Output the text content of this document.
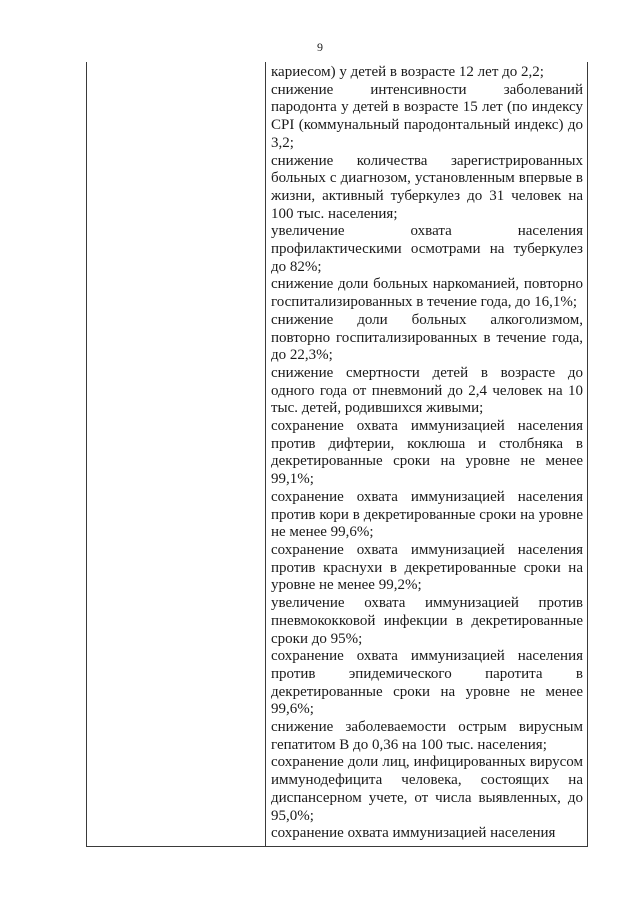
9

кариесом) у детей в возрасте 12 лет до 2,2;

снижение интенсивности заболеваний пародонта у детей в возрасте 15 лет (по индексу CPI (коммунальный пародонтальный индекс) до 3,2;

снижение количества зарегистрированных больных с диагнозом, установленным впервые в жизни, активный туберкулез до 31 человек на 100 тыс. населения;

увеличение охвата населения профилактическими осмотрами на туберкулез до 82%;

снижение доли больных наркоманией, повторно госпитализированных в течение года, до 16,1%;

снижение доли больных алкоголизмом, повторно госпитализированных в течение года, до 22,3%;

снижение смертности детей в возрасте до одного года от пневмоний до 2,4 человек на 10 тыс. детей, родившихся живыми;

сохранение охвата иммунизацией населения против дифтерии, коклюша и столбняка в декретированные сроки на уровне не менее 99,1%;

сохранение охвата иммунизацией населения против кори в декретированные сроки на уровне не менее 99,6%;

сохранение охвата иммунизацией населения против краснухи в декретированные сроки на уровне не менее 99,2%;

увеличение охвата иммунизацией против пневмококковой инфекции в декретированные сроки до 95%;

сохранение охвата иммунизацией населения против эпидемического паротита в декретированные сроки на уровне не менее 99,6%;

снижение заболеваемости острым вирусным гепатитом В до 0,36 на 100 тыс. населения;

сохранение доли лиц, инфицированных вирусом иммунодефицита человека, состоящих на диспансерном учете, от числа выявленных, до 95,0%;

сохранение охвата иммунизацией населения
